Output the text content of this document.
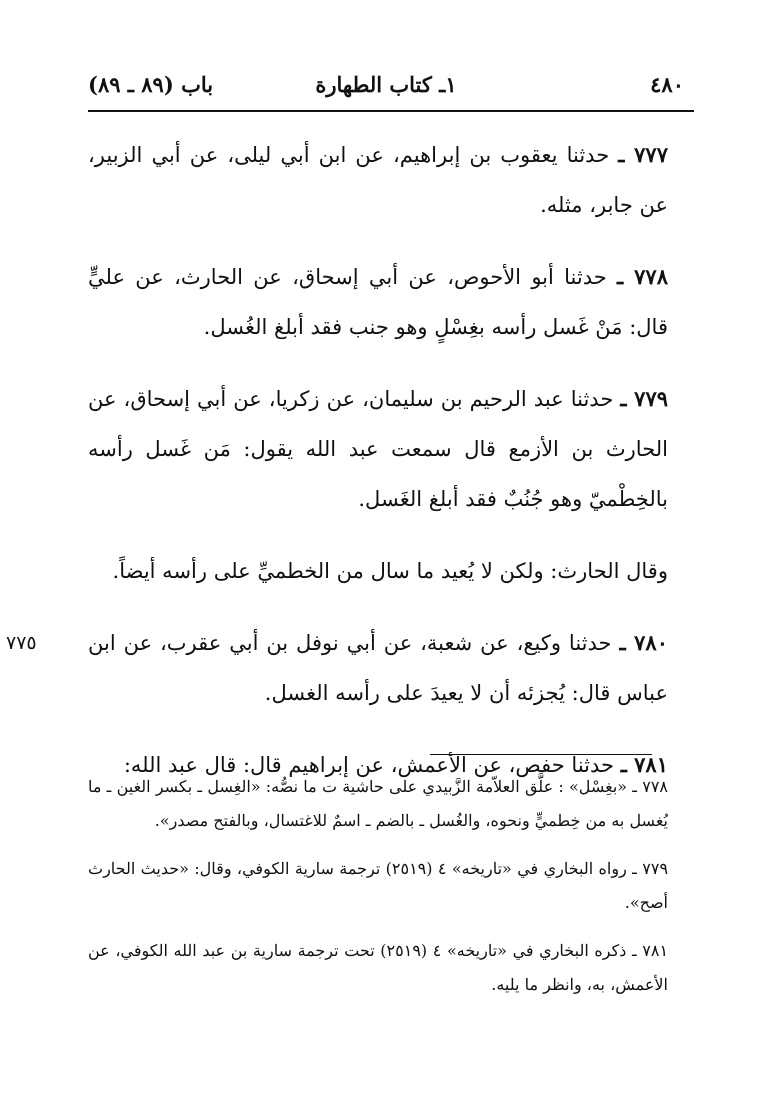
٤٨٠
١ـ كتاب الطهارة
باب (٨٩ ـ ٨٩)

٧٧٧ ـ حدثنا يعقوب بن إبراهيم، عن ابن أبي ليلى، عن أبي الزبير، عن جابر، مثله.

٧٧٨ ـ حدثنا أبو الأحوص، عن أبي إسحاق، عن الحارث، عن عليٍّ قال: مَنْ غَسل رأسه بغِسْلٍ وهو جنب فقد أبلغ الغُسل.

٧٧٩ ـ حدثنا عبد الرحيم بن سليمان، عن زكريا، عن أبي إسحاق، عن الحارث بن الأزمع قال سمعت عبد الله يقول: مَن غَسل رأسه بالخِطْميّ وهو جُنُبٌ فقد أبلغ الغَسل.

وقال الحارث: ولكن لا يُعيد ما سال من الخطميِّ على رأسه أيضاً.

٧٨٠ ـ حدثنا وكيع، عن شعبة، عن أبي نوفل بن أبي عقرب، عن ابن عباس قال: يُجزئه أن لا يعيدَ على رأسه الغسل.
٧٧٥

٧٨١ ـ حدثنا حفص، عن الأعمش، عن إبراهيم قال: قال عبد الله:

٧٧٨ ـ «بغِسْل» : علَّق العلاّمة الزَّبيدي على حاشية ت ما نصُّه: «الغِسل ـ بكسر الغين ـ ما يُغسل به من خِطميٍّ ونحوه، والغُسل ـ بالضم ـ اسمٌ للاغتسال، وبالفتح مصدر».

٧٧٩ ـ رواه البخاري في «تاريخه» ٤ (٢٥١٩) ترجمة سارية الكوفي، وقال: «حديث الحارث أصح».

٧٨١ ـ ذكره البخاري في «تاريخه» ٤ (٢٥١٩) تحت ترجمة سارية بن عبد الله الكوفي، عن الأعمش، به، وانظر ما يليه.
